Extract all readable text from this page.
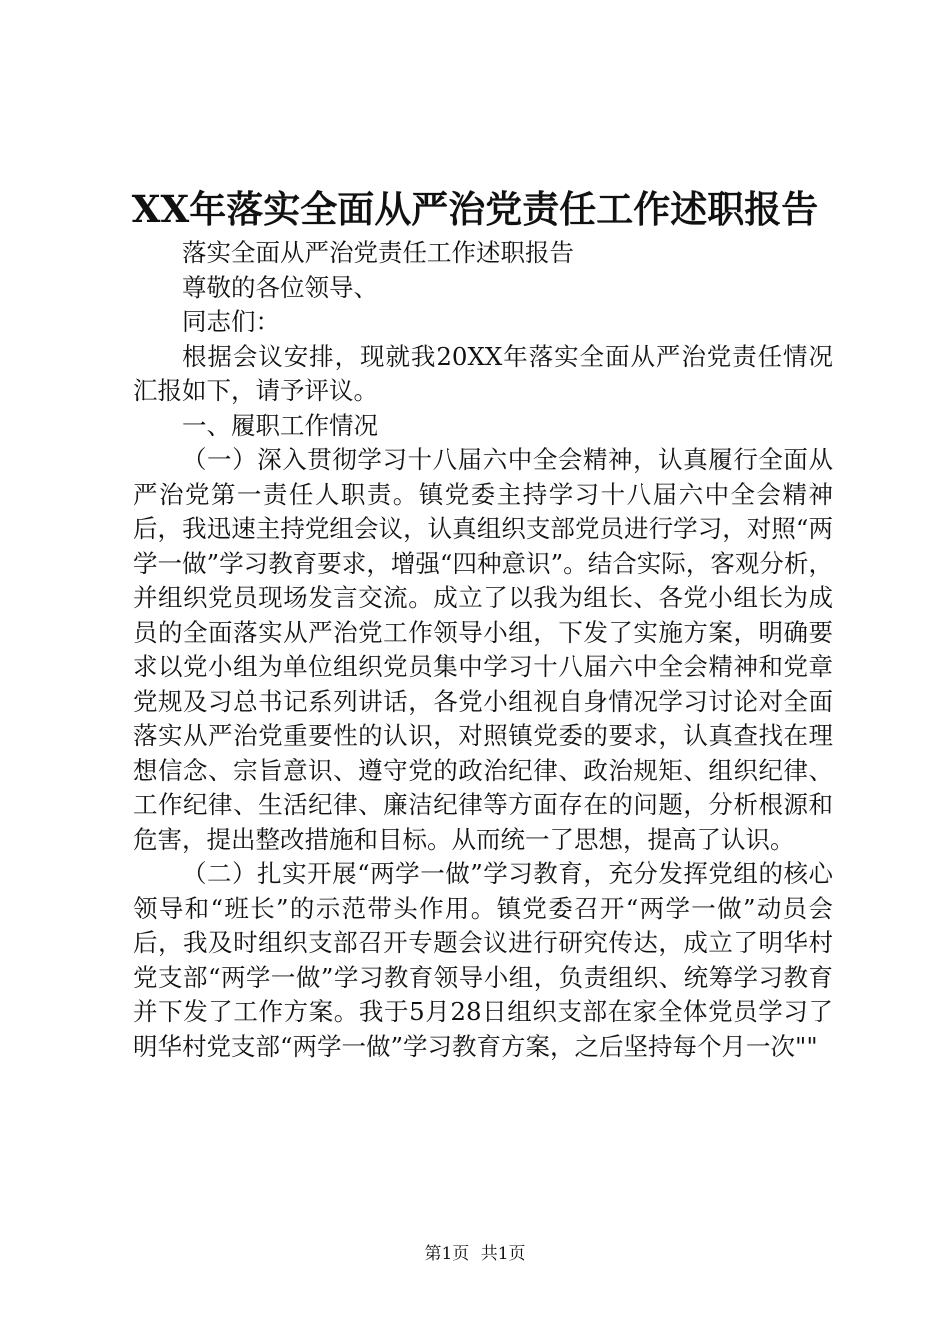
XX年落实全面从严治党责任工作述职报告

落实全面从严治党责任工作述职报告

尊敬的各位领导、

同志们：

根据会议安排，现就我20XX年落实全面从严治党责任情况汇报如下，请予评议。

一、履职工作情况

（一）深入贯彻学习十八届六中全会精神，认真履行全面从严治党第一责任人职责。镇党委主持学习十八届六中全会精神后，我迅速主持党组会议，认真组织支部党员进行学习，对照“两学一做”学习教育要求，增强“四种意识”。结合实际，客观分析，并组织党员现场发言交流。成立了以我为组长、各党小组长为成员的全面落实从严治党工作领导小组，下发了实施方案，明确要求以党小组为单位组织党员集中学习十八届六中全会精神和党章党规及习总书记系列讲话，各党小组视自身情况学习讨论对全面落实从严治党重要性的认识，对照镇党委的要求，认真查找在理想信念、宗旨意识、遵守党的政治纪律、政治规矩、组织纪律、工作纪律、生活纪律、廉洁纪律等方面存在的问题，分析根源和危害，提出整改措施和目标。从而统一了思想，提高了认识。

（二）扎实开展“两学一做”学习教育，充分发挥党组的核心领导和“班长”的示范带头作用。镇党委召开“两学一做”动员会后，我及时组织支部召开专题会议进行研究传达，成立了明华村党支部“两学一做”学习教育领导小组，负责组织、统筹学习教育并下发了工作方案。我于5月28日组织支部在家全体党员学习了明华村党支部“两学一做”学习教育方案，之后坚持每个月一次""

第1页 共1页
